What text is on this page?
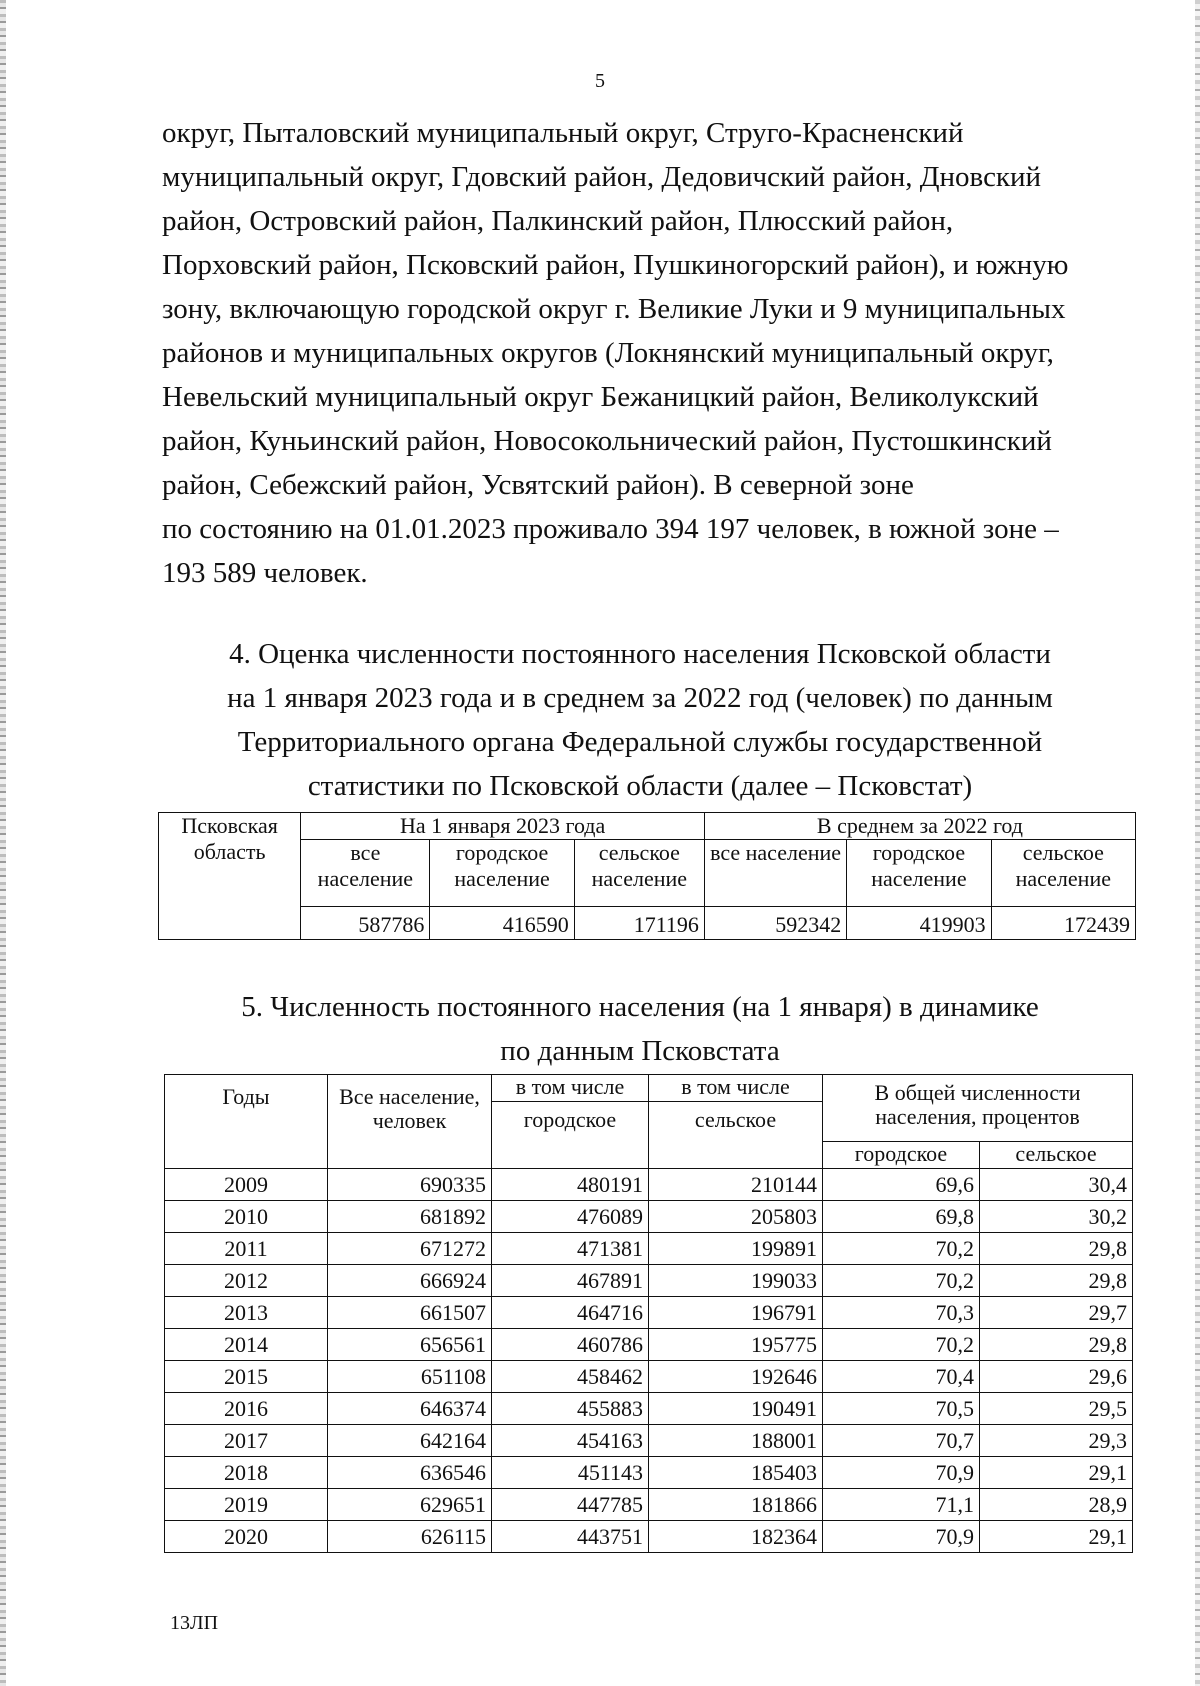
5
округ, Пыталовский муниципальный округ, Струго-Красненский
муниципальный округ, Гдовский район, Дедовичский район, Дновский
район, Островский район, Палкинский район, Плюсский район,
Порховский район, Псковский район, Пушкиногорский район), и южную
зону, включающую городской округ г. Великие Луки и 9 муниципальных
районов и муниципальных округов (Локнянский муниципальный округ,
Невельский муниципальный округ Бежаницкий район, Великолукский
район, Куньинский район, Новосокольнический район, Пустошкинский
район, Себежский район, Усвятский район). В северной зоне
по состоянию на 01.01.2023 проживало 394 197 человек, в южной зоне –
193 589 человек.
4. Оценка численности постоянного населения Псковской области
на 1 января 2023 года и в среднем за 2022 год (человек) по данным
Территориального органа Федеральной службы государственной
статистики по Псковской области (далее – Псковстат)
Псковская область	На 1 января 2023 года			В среднем за 2022 год		
	все население	городское население	сельское население	все население	городское население	сельское население
	587786	416590	171196	592342	419903	172439
5. Численность постоянного населения (на 1 января) в динамике
по данным Псковстата
Годы	Все население, человек	в том числе	в том числе	В общей численности населения, процентов	
		городское	сельское		
				городское	сельское
2009	690335	480191	210144	69,6	30,4
2010	681892	476089	205803	69,8	30,2
2011	671272	471381	199891	70,2	29,8
2012	666924	467891	199033	70,2	29,8
2013	661507	464716	196791	70,3	29,7
2014	656561	460786	195775	70,2	29,8
2015	651108	458462	192646	70,4	29,6
2016	646374	455883	190491	70,5	29,5
2017	642164	454163	188001	70,7	29,3
2018	636546	451143	185403	70,9	29,1
2019	629651	447785	181866	71,1	28,9
2020	626115	443751	182364	70,9	29,1
13ЛП
